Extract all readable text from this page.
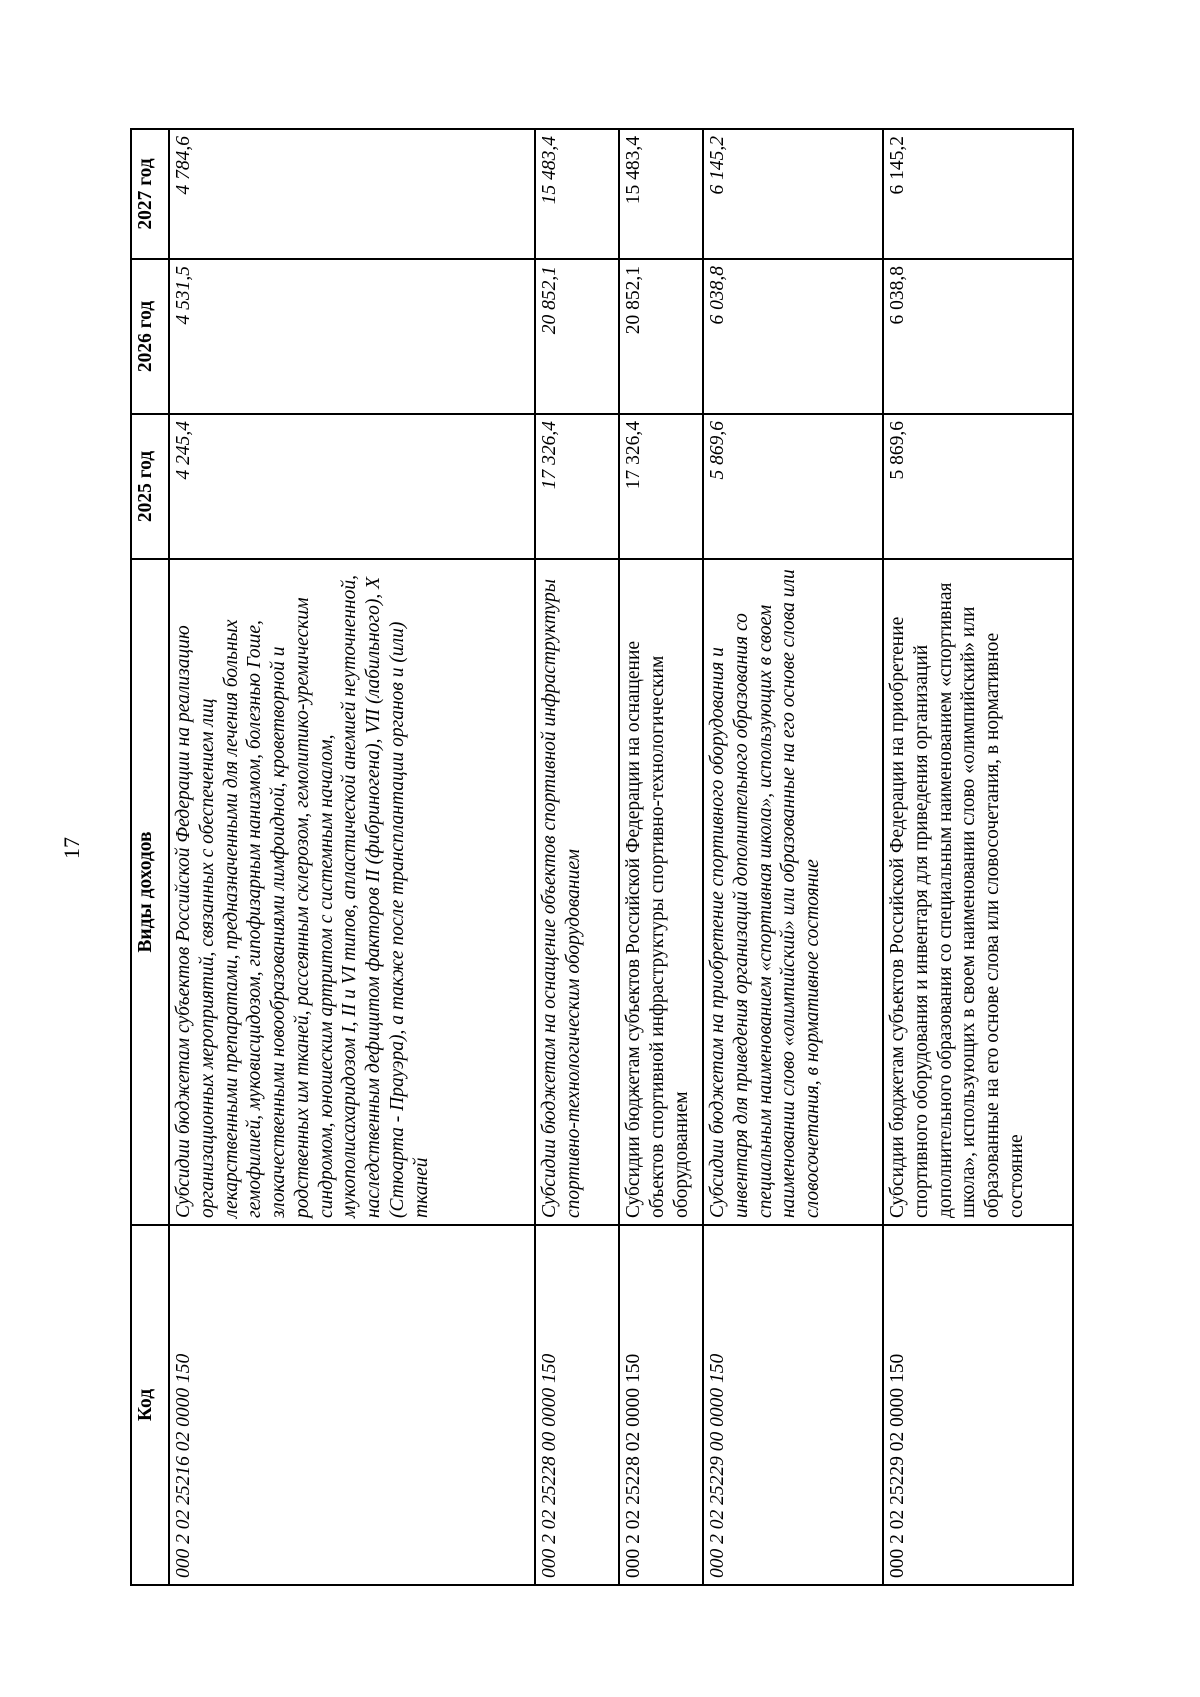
17
Код	Виды доходов	2025 год	2026 год	2027 год
000 2 02 25216 02 0000 150	Субсидии бюджетам субъектов Российской Федерации на реализацию организационных мероприятий, связанных с обеспечением лиц лекарственными препаратами, предназначенными для лечения больных гемофилией, муковисцидозом, гипофизарным нанизмом, болезнью Гоше, злокачественными новообразованиями лимфоидной, кроветворной и родственных им тканей, рассеянным склерозом, гемолитико-уремическим синдромом, юношеским артритом с системным началом, мукополисахаридозом I, II и VI типов, апластической анемией неуточненной, наследственным дефицитом факторов II (фибриногена), VII (лабильного), X (Стюарта - Прауэра), а также после трансплантации органов и (или) тканей	4 245,4	4 531,5	4 784,6
000 2 02 25228 00 0000 150	Субсидии бюджетам на оснащение объектов спортивной инфраструктуры спортивно-технологическим оборудованием	17 326,4	20 852,1	15 483,4
000 2 02 25228 02 0000 150	Субсидии бюджетам субъектов Российской Федерации на оснащение объектов спортивной инфраструктуры спортивно-технологическим оборудованием	17 326,4	20 852,1	15 483,4
000 2 02 25229 00 0000 150	Субсидии бюджетам на приобретение спортивного оборудования и инвентаря для приведения организаций дополнительного образования со специальным наименованием «спортивная школа», использующих в своем наименовании слово «олимпийский» или образованные на его основе слова или словосочетания, в нормативное состояние	5 869,6	6 038,8	6 145,2
000 2 02 25229 02 0000 150	Субсидии бюджетам субъектов Российской Федерации на приобретение спортивного оборудования и инвентаря для приведения организаций дополнительного образования со специальным наименованием «спортивная школа», использующих в своем наименовании слово «олимпийский» или образованные на его основе слова или словосочетания, в нормативное состояние	5 869,6	6 038,8	6 145,2
